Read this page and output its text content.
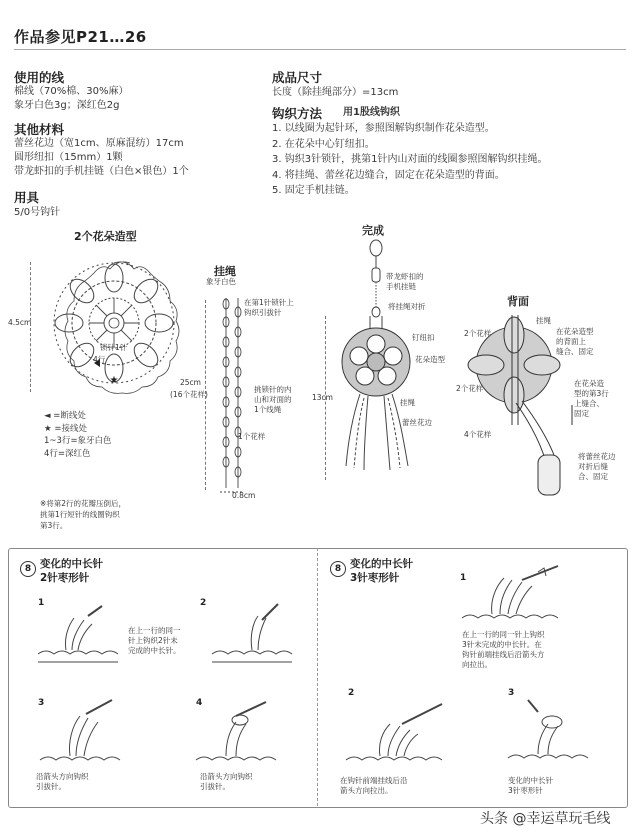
作品参见P21…26
使用的线
棉线（70%棉、30%麻）
象牙白色3g；深红色2g
其他材料
蕾丝花边（宽1cm、原麻混纺）17cm
圆形纽扣（15mm）1颗
带龙虾扣的手机挂链（白色×银色）1个
用具
5/0号钩针
成品尺寸
长度（除挂绳部分）=13cm
钩织方法 用1股线钩织
1. 以线圈为起针环，参照图解钩织制作花朵造型。
2. 在花朵中心钉纽扣。
3. 钩织3针锁针，挑第1针内山对面的线圈参照图解钩织挂绳。
4. 将挂绳、蕾丝花边缝合，固定在花朵造型的背面。
5. 固定手机挂链。
2个花朵造型
★
4.5cm
锁针1针
4行
◄ =断线处
★ =接线处
1~3行=象牙白色
4行=深红色
挂绳
象牙白色
在第1针锁针上
钩织引拔针
25cm
(16个花样)
挑锁针的内
山和对面的
1个线绳
1个花样
0.8cm
13cm
完成
带龙虾扣的
手机挂链
将挂绳对折
钉纽扣
花朵造型
挂绳
蕾丝花边
背面
挂绳
2个花样	在花朵造型
的背面上
缝合、固定
2个花样
在花朵造
型的第3行
上缝合、
固定
4个花样
将蕾丝花边
对折后缝
合、固定
※将第2行的花瓣压倒后，
挑第1行短针的线圈钩织
第3行。
8 变化的中长针
2针枣形针
1
在上一行的同一
针上钩织2针未
完成的中长针。
2
3
沿箭头方向钩织
引拔针。
4
沿箭头方向钩织
引拔针。
8 变化的中长针
3针枣形针	1
在上一行的同一针上钩织
3针未完成的中长针。在
钩针前端挂线后沿箭头方
向拉出。
2
在钩针前端挂线后沿
箭头方向拉出。
3
变化的中长针
3针枣形针
头条 @幸运草玩毛线
